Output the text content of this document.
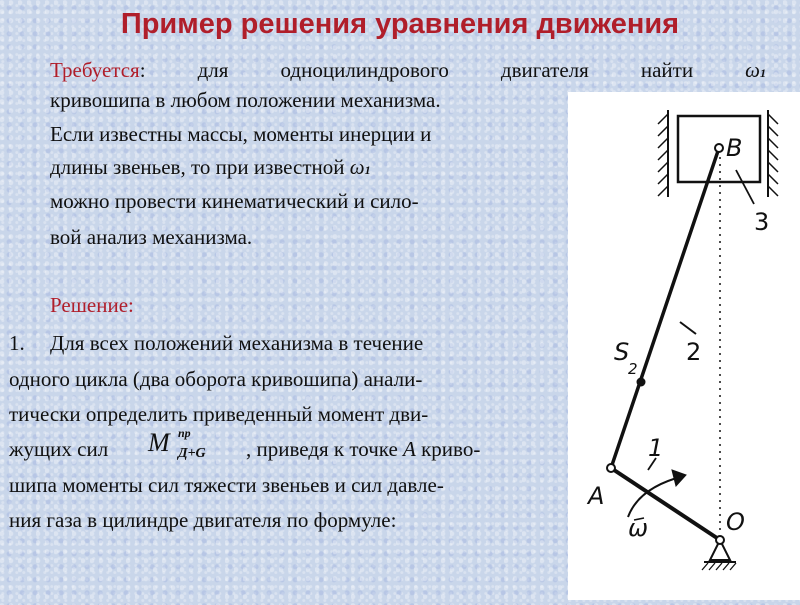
Пример решения уравнения движения
Требуется: для одноцилиндрового двигателя найти ω1
кривошипа в любом положении механизма.
Если известны массы, моменты инерции и
длины звеньев, то при известной ω1
можно провести кинематический и сило-
вой анализ механизма.
Решение:
1. Для всех положений механизма в течение
одного цикла (два оборота кривошипа) анали-
тически определить приведенный момент дви-
жущих сил M пр
Д+G , приведя к точке А криво-
шипа моменты сил тяжести звеньев и сил давле-
ния газа в цилиндре двигателя по формуле:
B
3
2
S
2
A
1
ω	O
